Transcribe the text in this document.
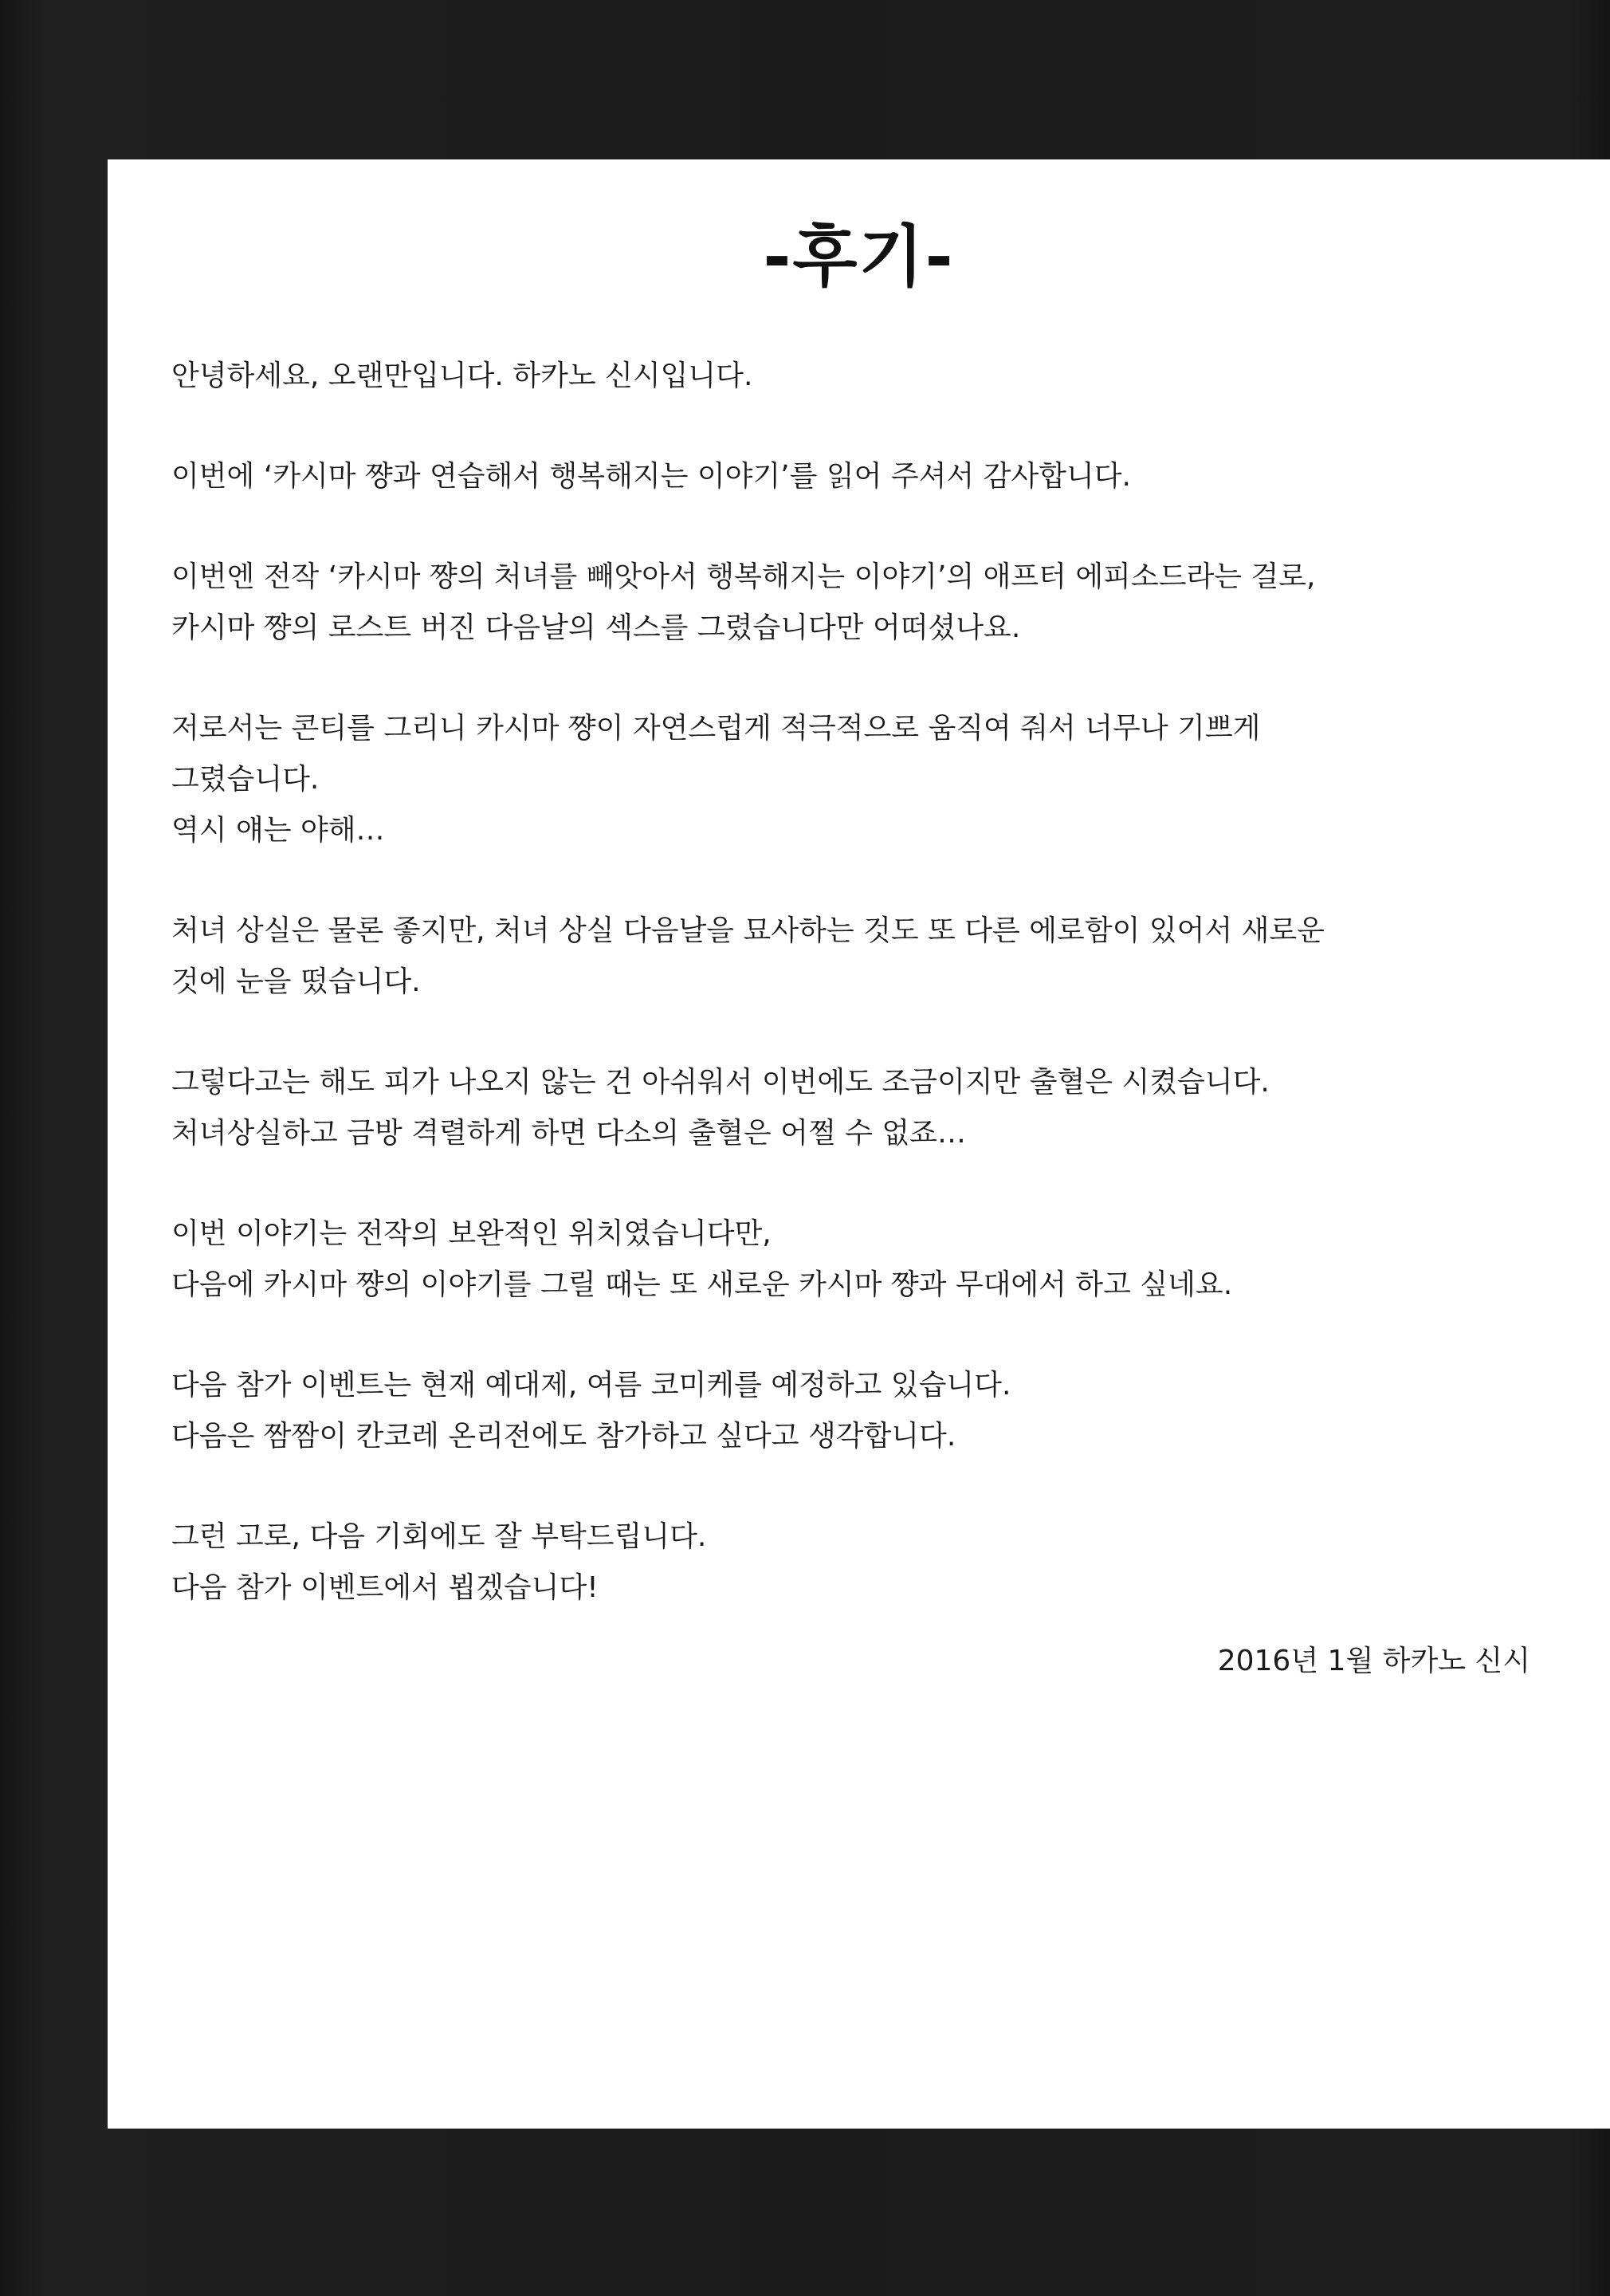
-후기-

안녕하세요, 오랜만입니다. 하카노 신시입니다.

이번에 ‘카시마 쨩과 연습해서 행복해지는 이야기’를 읽어 주셔서 감사합니다.

이번엔 전작 ‘카시마 쨩의 처녀를 빼앗아서 행복해지는 이야기’의 애프터 에피소드라는 걸로,
카시마 쨩의 로스트 버진 다음날의 섹스를 그렸습니다만 어떠셨나요.

저로서는 콘티를 그리니 카시마 쨩이 자연스럽게 적극적으로 움직여 줘서 너무나 기쁘게
그렸습니다.
역시 얘는 야해…

처녀 상실은 물론 좋지만, 처녀 상실 다음날을 묘사하는 것도 또 다른 에로함이 있어서 새로운
것에 눈을 떴습니다.

그렇다고는 해도 피가 나오지 않는 건 아쉬워서 이번에도 조금이지만 출혈은 시켰습니다.
처녀상실하고 금방 격렬하게 하면 다소의 출혈은 어쩔 수 없죠…

이번 이야기는 전작의 보완적인 위치였습니다만,
다음에 카시마 쨩의 이야기를 그릴 때는 또 새로운 카시마 쨩과 무대에서 하고 싶네요.

다음 참가 이벤트는 현재 예대제, 여름 코미케를 예정하고 있습니다.
다음은 짬짬이 칸코레 온리전에도 참가하고 싶다고 생각합니다.

그런 고로, 다음 기회에도 잘 부탁드립니다.
다음 참가 이벤트에서 뵙겠습니다!

2016년 1월 하카노 신시
